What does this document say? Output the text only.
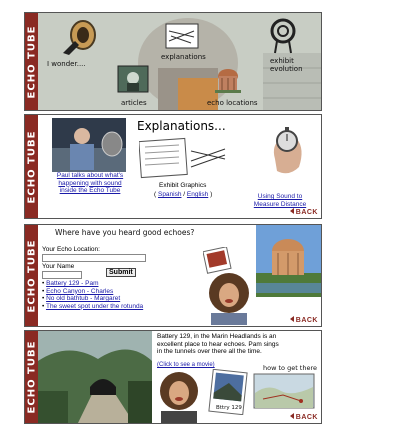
ECHO TUBE I wonder....
explanations	exhibit
evolution
articles	echo locations
ECHO TUBE	Paul talks about what's happening with sound inside the Echo Tube
Explanations...
Exhibit Graphics
( Spanish / English )	Using Sound to Measure Distance
BACK
ECHO TUBE
Where have you heard good echoes?
Your Echo Location:
Your Name
Submit
• Battery 129 - Pam
• Echo Canyon - Charles
• No old bathtub - Margaret
• The sweet spot under the rotunda
BACK
ECHO TUBE
Battery 129, in the Marin Headlands is an excellent place to hear echoes. Pam sings in the tunnels over there all the time.
(Click to see a movie)	how to get there
Bttry 129
BACK
